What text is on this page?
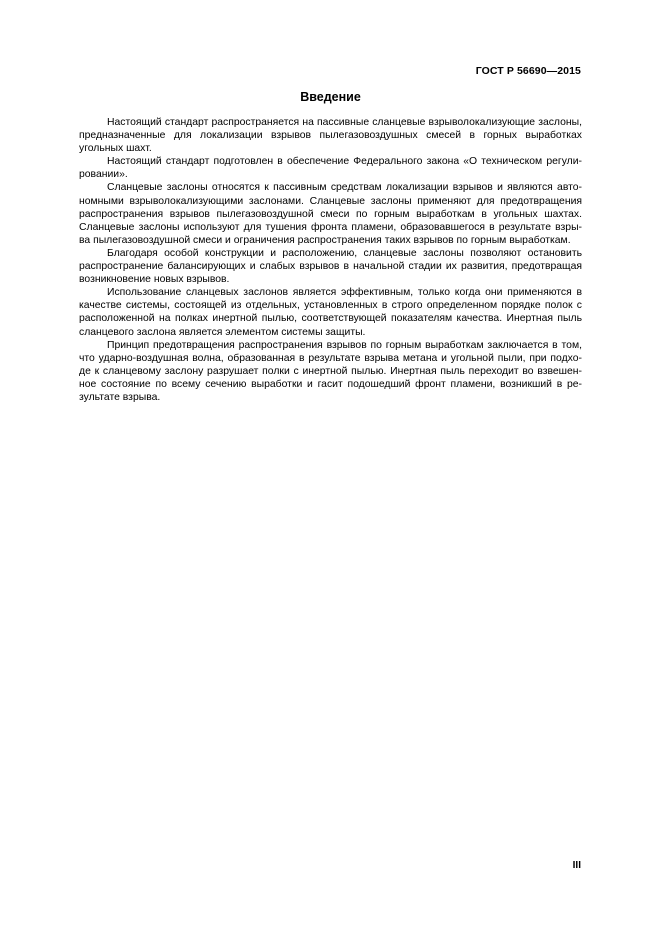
ГОСТ Р 56690—2015
Введение
Настоящий стандарт распространяется на пассивные сланцевые взрыволокализующие заслоны,
предназначенные для локализации взрывов пылегазовоздушных смесей в горных выработках
угольных шахт.
Настоящий стандарт подготовлен в обеспечение Федерального закона «О техническом регули-
ровании».
Сланцевые заслоны относятся к пассивным средствам локализации взрывов и являются авто-
номными взрыволокализующими заслонами. Сланцевые заслоны применяют для предотвращения
распространения взрывов пылегазовоздушной смеси по горным выработкам в угольных шахтах.
Сланцевые заслоны используют для тушения фронта пламени, образовавшегося в результате взры-
ва пылегазовоздушной смеси и ограничения распространения таких взрывов по горным выработкам.
Благодаря особой конструкции и расположению, сланцевые заслоны позволяют остановить
распространение балансирующих и слабых взрывов в начальной стадии их развития, предотвращая
возникновение новых взрывов.
Использование сланцевых заслонов является эффективным, только когда они применяются в
качестве системы, состоящей из отдельных, установленных в строго определенном порядке полок с
расположенной на полках инертной пылью, соответствующей показателям качества. Инертная пыль
сланцевого заслона является элементом системы защиты.
Принцип предотвращения распространения взрывов по горным выработкам заключается в том,
что ударно-воздушная волна, образованная в результате взрыва метана и угольной пыли, при подхо-
де к сланцевому заслону разрушает полки с инертной пылью. Инертная пыль переходит во взвешен-
ное состояние по всему сечению выработки и гасит подошедший фронт пламени, возникший в ре-
зультате взрыва.
III
